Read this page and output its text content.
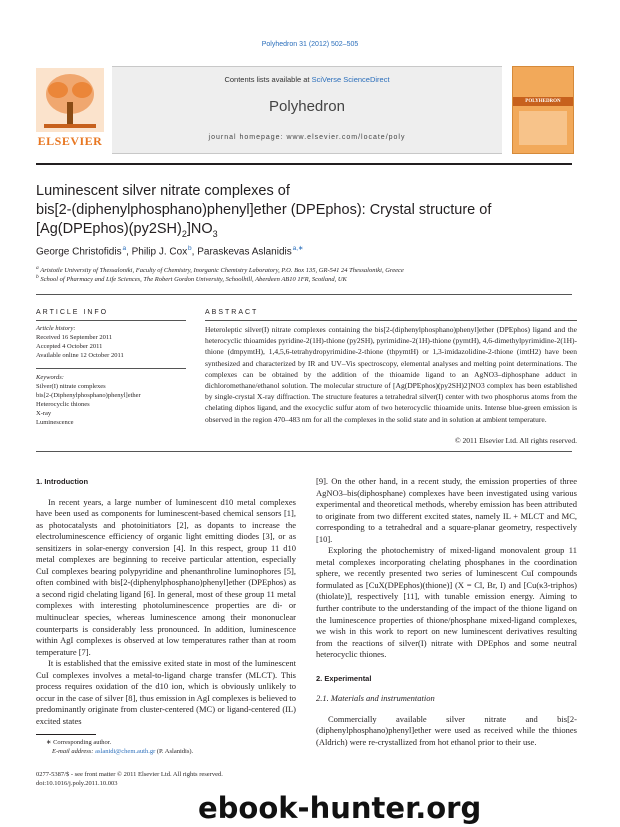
Polyhedron 31 (2012) 502–505
Contents lists available at SciVerse ScienceDirect
Polyhedron
journal homepage: www.elsevier.com/locate/poly
ELSEVIER
POLYHEDRON
Luminescent silver nitrate complexes of
bis[2-(diphenylphosphano)phenyl]ether (DPEphos): Crystal structure of
$[Ag(DPEphos)(py2SH)_2]NO_3$
George Christofidis $^a$, Philip J. Cox $^b$, Paraskevas Aslanidis $^{a,∗}$
$^a$ Aristotle University of Thessaloniki, Faculty of Chemistry, Inorganic Chemistry Laboratory, P.O. Box 135, GR-541 24 Thessaloniki, Greece
$^b$ School of Pharmacy and Life Sciences, The Robert Gordon University, Schoolhill, Aberdeen AB10 1FR, Scotland, UK
ARTICLE INFO
Article history:
Received 16 September 2011
Accepted 4 October 2011
Available online 12 October 2011
Keywords:
Silver(I) nitrate complexes
bis[2-(Diphenylphosphano)phenyl]ether
Heterocyclic thiones
X-ray
Luminescence
ABSTRACT
Heteroleptic silver(I) nitrate complexes containing the bis[2-(diphenylphosphano)phenyl]ether (DPEphos) ligand and the heterocyclic thioamides pyridine-2(1H)-thione (py2SH), pyrimidine-2(1H)-thione (pymtH), 4,6-dimethylpyrimidine-2(1H)-thione (dmpymtH), 1,4,5,6-tetrahydropyrimidine-2-thione (thpymtH) or 1,3-imidazolidine-2-thione (imtH2) have been synthesized and characterized by IR and UV–Vis spectroscopy, elemental analyses and melting point determinations. The complexes can be obtained by the addition of the thioamide ligand to an AgNO3–diphosphane adduct in dichloromethane/ethanol solution. The molecular structure of [Ag(DPEphos)(py2SH)2]NO3 complex has been established by single-crystal X-ray diffraction. The structure features a tetrahedral silver(I) center with two phosphorus atoms from the chelating diphos ligand, and the exocyclic sulfur atom of two heterocyclic thioamide units. Intense blue-green emission is observed in the region 470–483 nm for all the complexes in the solid state and in solution at ambient temperature.
© 2011 Elsevier Ltd. All rights reserved.

1. Introduction

In recent years, a large number of luminescent d10 metal complexes have been used as components for luminescent-based chemical sensors [1], as photocatalysts and photoinitiators [2], as dopants to increase the electroluminescence efficiency of organic light emitting diodes [3], or as sensitizers in solar-energy conversion [4]. In this respect, group 11 d10 metal complexes are beginning to receive particular attention, especially CuI complexes bearing polypyridine and phenanthroline luminophores [5], often combined with bis[2-(diphenylphosphano)phenyl]ether (DPEphos) as a second rigid chelating ligand [6]. In general, most of these group 11 metal complexes with interesting photoluminescence properties are di- or multinuclear species, whereas luminescence among their mononuclear counterparts is considerably less pronounced. In addition, luminescence within AgI complexes is observed at low temperatures rather than at room temperature [7].

It is established that the emissive exited state in most of the luminescent CuI complexes involves a metal-to-ligand charge transfer (MLCT). This process requires oxidation of the d10 ion, which is obviously unlikely to occur in the case of silver [8], thus emission in AgI complexes is believed to predominantly originate from cluster-centered (MC) or ligand-centered (IL) excited states

∗ Corresponding author.
E-mail address: aslanidi@chem.auth.gr (P. Aslanidis).
0277-5387/$ - see front matter © 2011 Elsevier Ltd. All rights reserved.
doi:10.1016/j.poly.2011.10.003

[9]. On the other hand, in a recent study, the emission properties of three AgNO3–bis(diphosphane) complexes have been investigated using various experimental and theoretical methods, whereby emission has been attributed to originate from two different excited states, namely IL + MLCT and MC, corresponding to a tetrahedral and a square-planar geometry, respectively [10].

Exploring the photochemistry of mixed-ligand monovalent group 11 metal complexes incorporating chelating phosphanes in the coordination sphere, we recently presented two series of luminescent CuI compounds formulated as [CuX(DPEphos)(thione)] (X = Cl, Br, I) and [Cu(κ3-triphos)(thiolate)], respectively [11], with tunable emission energy. Aiming to further contribute to the understanding of the impact of the thione ligand on the luminescence properties of thione/phosphane mixed-ligand complexes, we wish in this work to report on new luminescent derivatives resulting from the reactions of silver(I) nitrate with DPEphos and some neutral heterocyclic thiones.

2. Experimental

2.1. Materials and instrumentation

Commercially available silver nitrate and bis[2-(diphenylphosphano)phenyl]ether were used as received while the thiones (Aldrich) were re-crystallized from hot ethanol prior to their use.

ebook-hunter.org
